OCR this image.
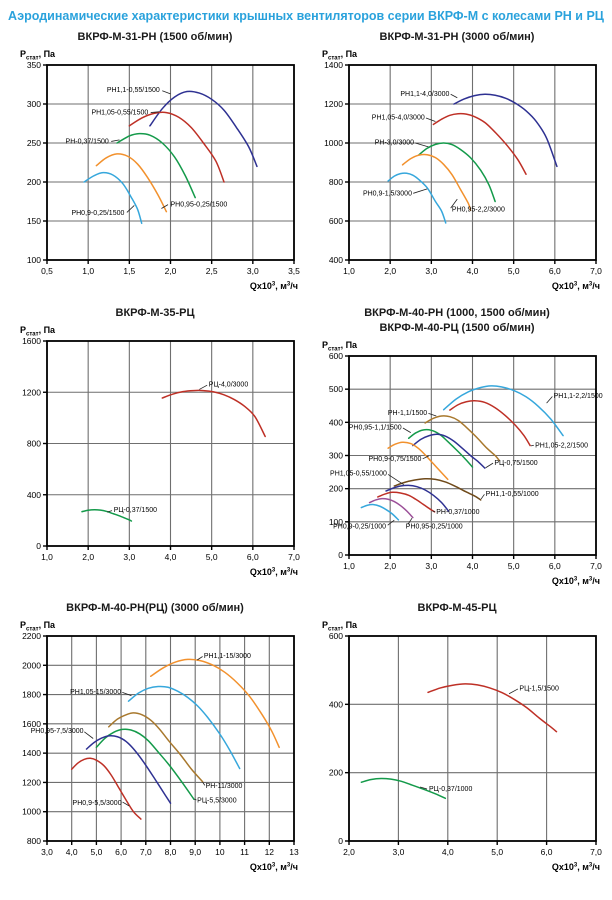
Аэродинамические характеристики крышных вентиляторов серии ВКРФ-М с колесами РН и РЦ
ВКРФ-М-31-РН (1500 об/мин)
0,5	1,0	1,5	2,0	2,5	3,0	3,5
100
150
200
250
300
350
$Р_{стат}$, Па
$Qx10^3$, $м^3/ч$
РН1,1-0,55/1500
РН1,05-0,55/1500
РН-0,37/1500
РН0,95-0,25/1500
РН0,9-0,25/1500
ВКРФ-М-31-РН (3000 об/мин)
1,0	2,0	3,0	4,0	5,0	6,0	7,0
400
600
800
1000
1200
1400
$Р_{стат}$, Па
$Qx10^3$, $м^3/ч$
РН1,1-4,0/3000
РН1,05-4,0/3000
РН-3,0/3000
РН0,95-2,2/3000
РН0,9-1,5/3000
ВКРФ-М-35-РЦ
1,0	2,0	3,0	4,0	5,0	6,0	7,0
0
400
800
1200
1600
$Р_{стат}$, Па
$Qx10^3$, $м^3/ч$
РЦ-4,0/3000
РЦ-0,37/1500
ВКРФ-М-40-РН (1000, 1500 об/мин)
ВКРФ-М-40-РЦ (1500 об/мин)
1,0	2,0	3,0	4,0	5,0	6,0	7,0
0
100
200
300
400
500
600
$Р_{стат}$, Па
$Qx10^3$, $м^3/ч$
РН1,1-2,2/1500
РН1,05-2,2/1500
РН-1,1/1500
РН0,95-1,1/1500
РЦ-0,75/1500
РН0,9-0,75/1500
РН1,1-0,55/1000
РН1,05-0,55/1000
РН-0,37/1000
РН0,95-0,25/1000
РН0,9-0,25/1000
ВКРФ-М-40-РН(РЦ) (3000 об/мин)
3,0 4,0 5,0 6,0 7,0 8,0 9,0 10 11 12 13
800
1000
1200
1400
1600
1800
2000
2200
$Р_{стат}$, Па
$Qx10^3$, $м^3/ч$
РН1,1-15/3000
РН1,05-15/3000
РН-11/3000
РЦ-5,5/3000
РН0,95-7,5/3000
РН0,9-5,5/3000
ВКРФ-М-45-РЦ
2,0	3,0	4,0	5,0	6,0	7,0
0
200
400
600
$Р_{стат}$, Па
$Qx10^3$, $м^3/ч$
РЦ-1,5/1500
РЦ-0,37/1000
